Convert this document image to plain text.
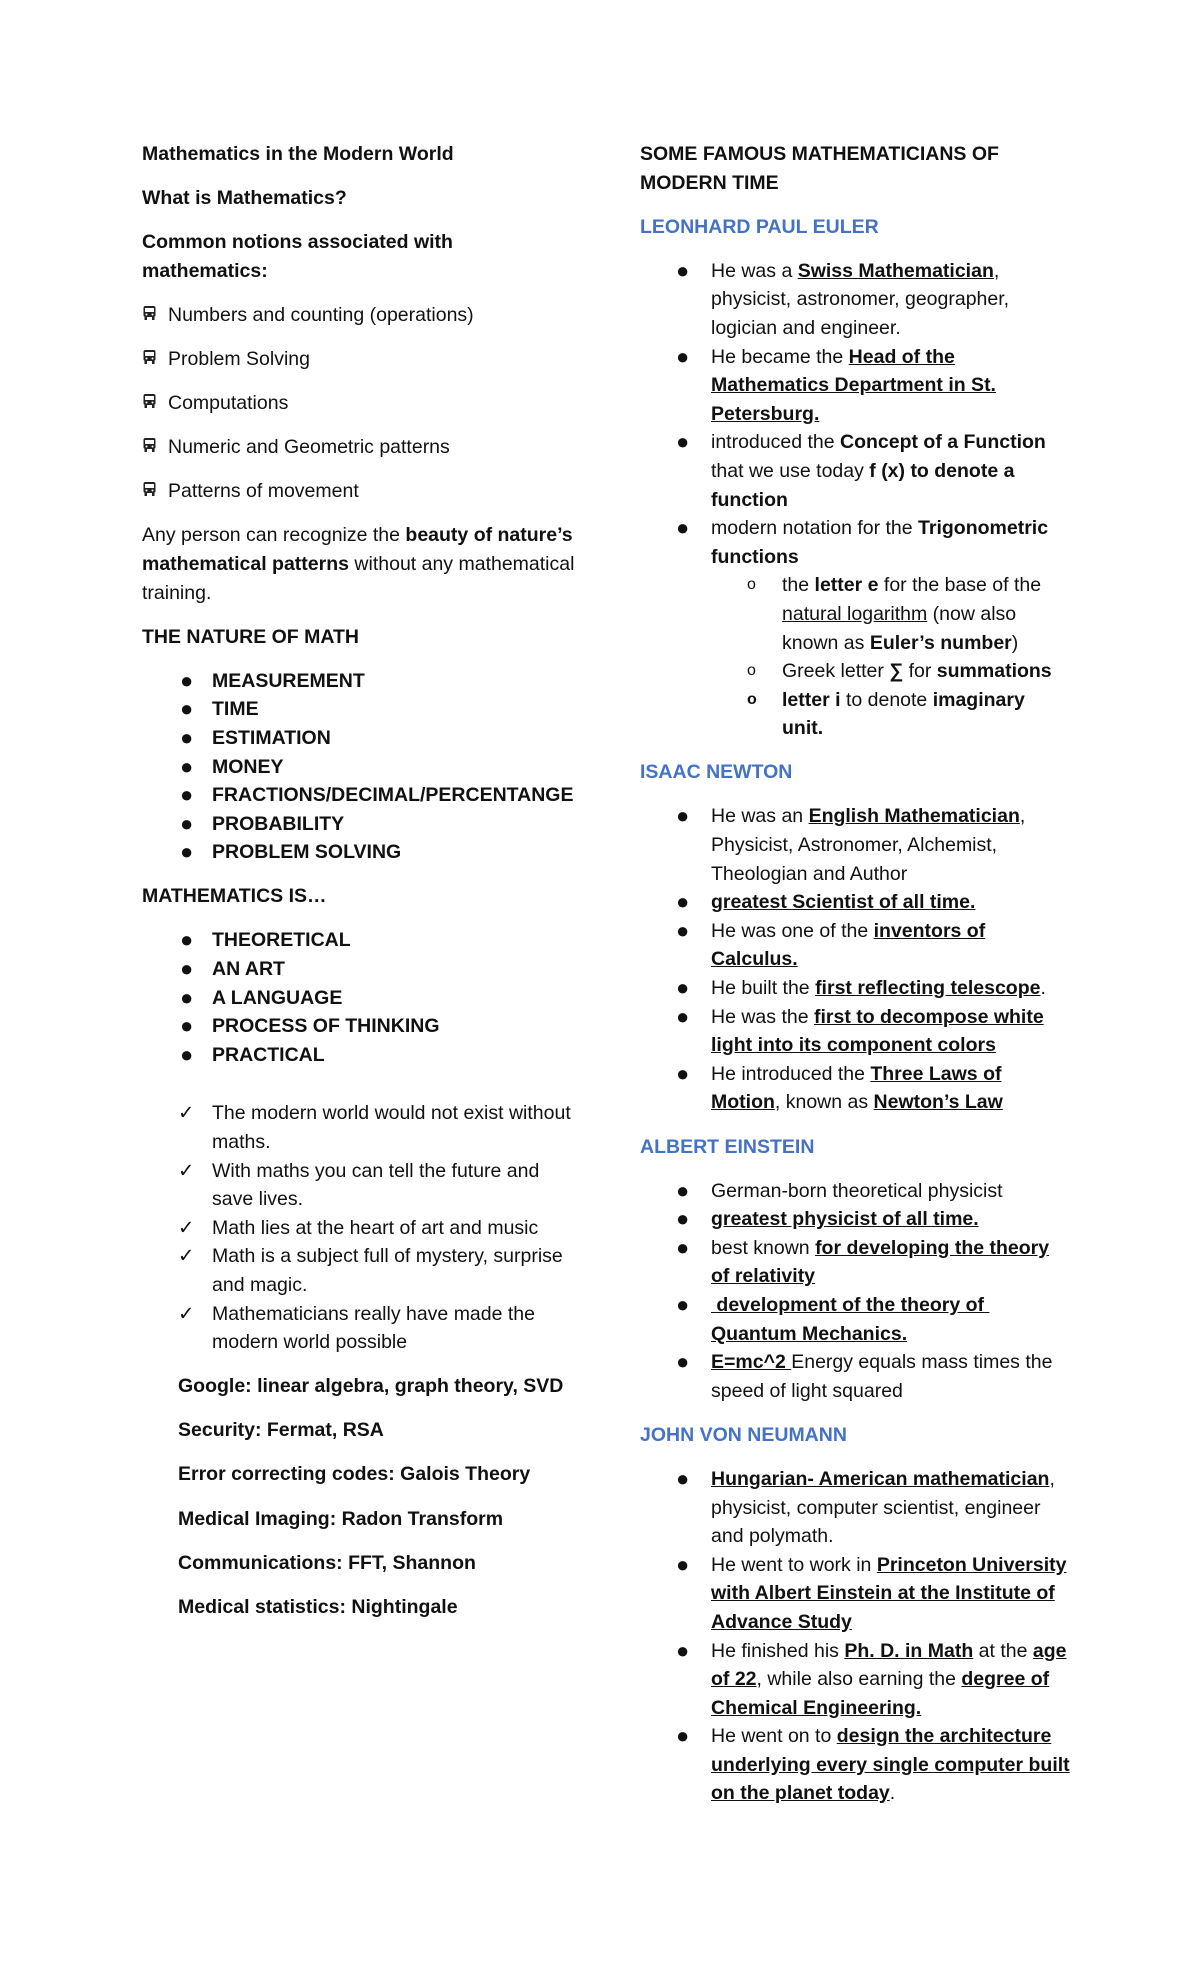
Mathematics in the Modern World

What is Mathematics?

Common notions associated with mathematics:

Numbers and counting (operations)
Problem Solving
Computations
Numeric and Geometric patterns
Patterns of movement

Any person can recognize the beauty of nature’s mathematical patterns without any mathematical training.

THE NATURE OF MATH

● MEASUREMENT
● TIME
● ESTIMATION
● MONEY
● FRACTIONS/DECIMAL/PERCENTANGE
● PROBABILITY
● PROBLEM SOLVING

MATHEMATICS IS…

● THEORETICAL
● AN ART
● A LANGUAGE
● PROCESS OF THINKING
● PRACTICAL
✓ The modern world would not exist without maths.
✓ With maths you can tell the future and save lives.
✓ Math lies at the heart of art and music
✓ Math is a subject full of mystery, surprise and magic.
✓ Mathematicians really have made the modern world possible

Google: linear algebra, graph theory, SVD

Security: Fermat, RSA

Error correcting codes: Galois Theory

Medical Imaging: Radon Transform

Communications: FFT, Shannon

Medical statistics: Nightingale

SOME FAMOUS MATHEMATICIANS OF MODERN TIME

LEONHARD PAUL EULER

● He was a Swiss Mathematician, physicist, astronomer, geographer, logician and engineer.
● He became the Head of the Mathematics Department in St. Petersburg.
● introduced the Concept of a Function that we use today f (x) to denote a function
● modern notation for the Trigonometric functions
o the letter e for the base of the natural logarithm (now also known as Euler’s number)
o Greek letter ∑ for summations
o letter i to denote imaginary unit.

ISAAC NEWTON

● He was an English Mathematician, Physicist, Astronomer, Alchemist, Theologian and Author
● greatest Scientist of all time.
● He was one of the inventors of Calculus.
● He built the first reflecting telescope.
● He was the first to decompose white light into its component colors
● He introduced the Three Laws of Motion, known as Newton’s Law

ALBERT EINSTEIN

● German-born theoretical physicist
● greatest physicist of all time.
● best known for developing the theory of relativity
● development of the theory of Quantum Mechanics.
● E=mc^2 Energy equals mass times the speed of light squared

JOHN VON NEUMANN

● Hungarian- American mathematician, physicist, computer scientist, engineer and polymath.
● He went to work in Princeton University with Albert Einstein at the Institute of Advance Study
● He finished his Ph. D. in Math at the age of 22, while also earning the degree of Chemical Engineering.
● He went on to design the architecture underlying every single computer built on the planet today.
